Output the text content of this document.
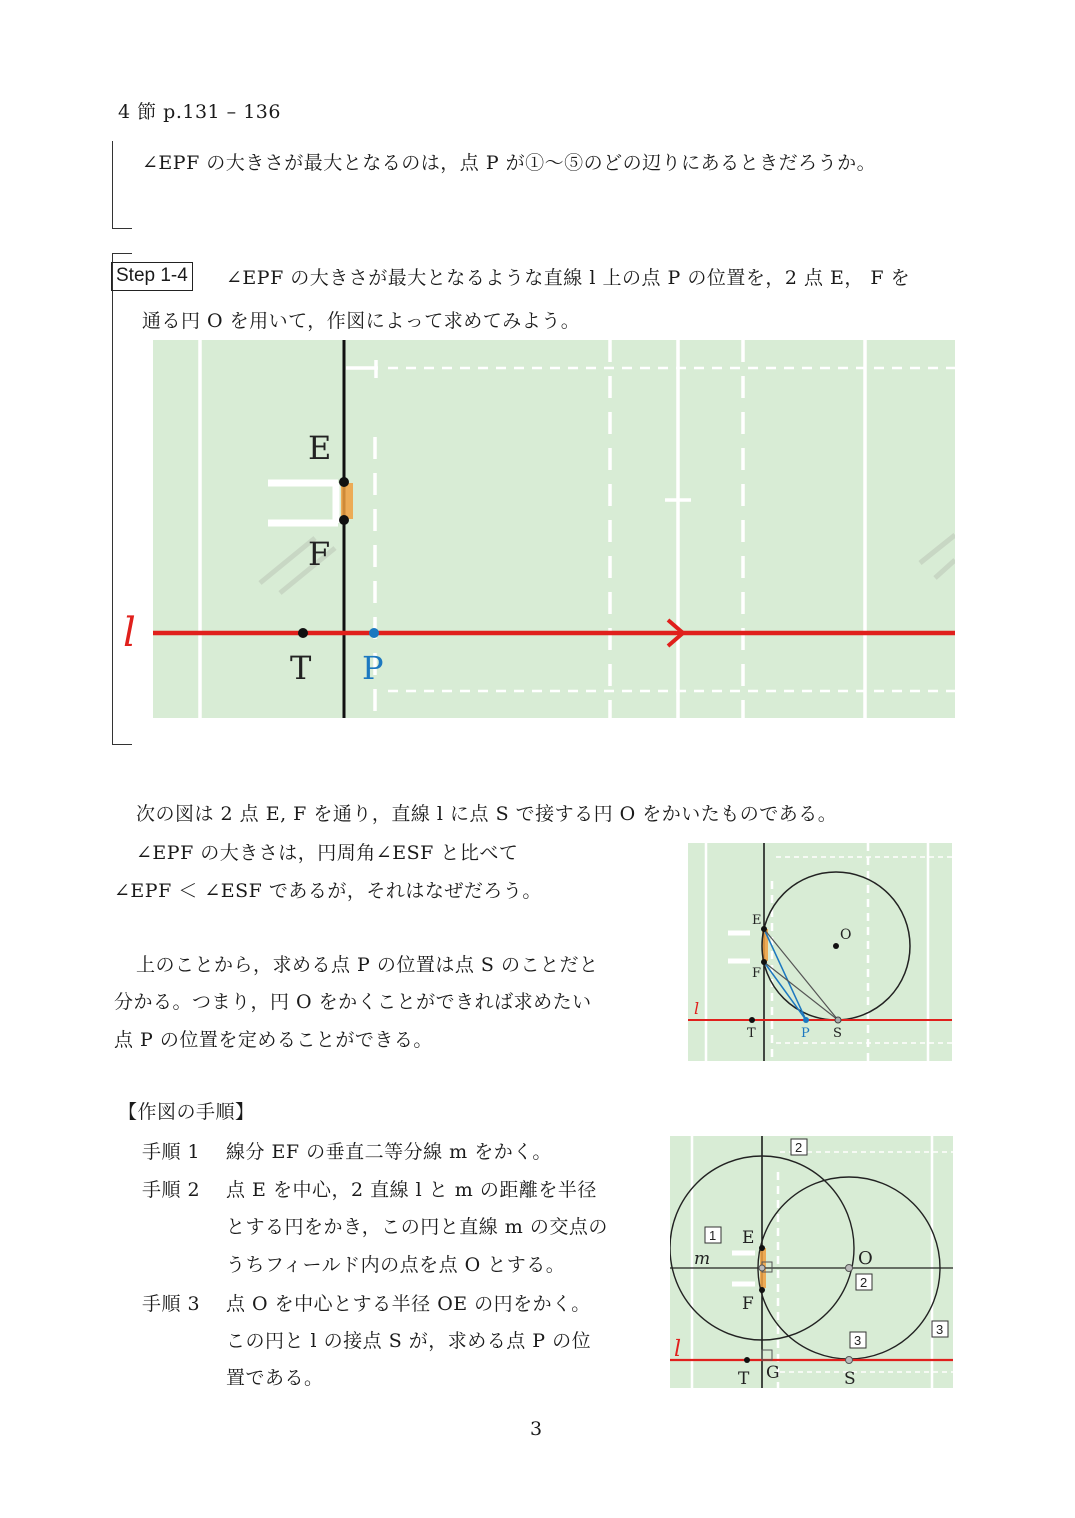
4 節 p.131 – 136
∠EPF の大きさが最大となるのは，点 P が①～⑤のどの辺りにあるときだろうか。
Step 1-4 ∠EPF の大きさが最大となるような直線 l 上の点 P の位置を，2 点 E， F を
通る円 O を用いて，作図によって求めてみよう。
E
F
T P
l
次の図は 2 点 E, F を通り，直線 l に点 S で接する円 O をかいたものである。
∠EPF の大きさは，円周角∠ESF と比べて
∠EPF ＜ ∠ESF であるが，それはなぜだろう。
上のことから，求める点 P の位置は点 S のことだと
分かる。つまり，円 O をかくことができれば求めたい
点 P の位置を定めることができる。
E
F
O
T	P S
l
【作図の手順】
手順 1 線分 EF の垂直二等分線 m をかく。
手順 2 点 E を中心，2 直線 l と m の距離を半径
とする円をかき，この円と直線 m の交点の
うちフィールド内の点を点 O とする。
手順 3 点 O を中心とする半径 OE の円をかく。
この円と l の接点 S が，求める点 P の位
置である。
E
F
O
T G	S
l
m
1
2
2
3
3
3
